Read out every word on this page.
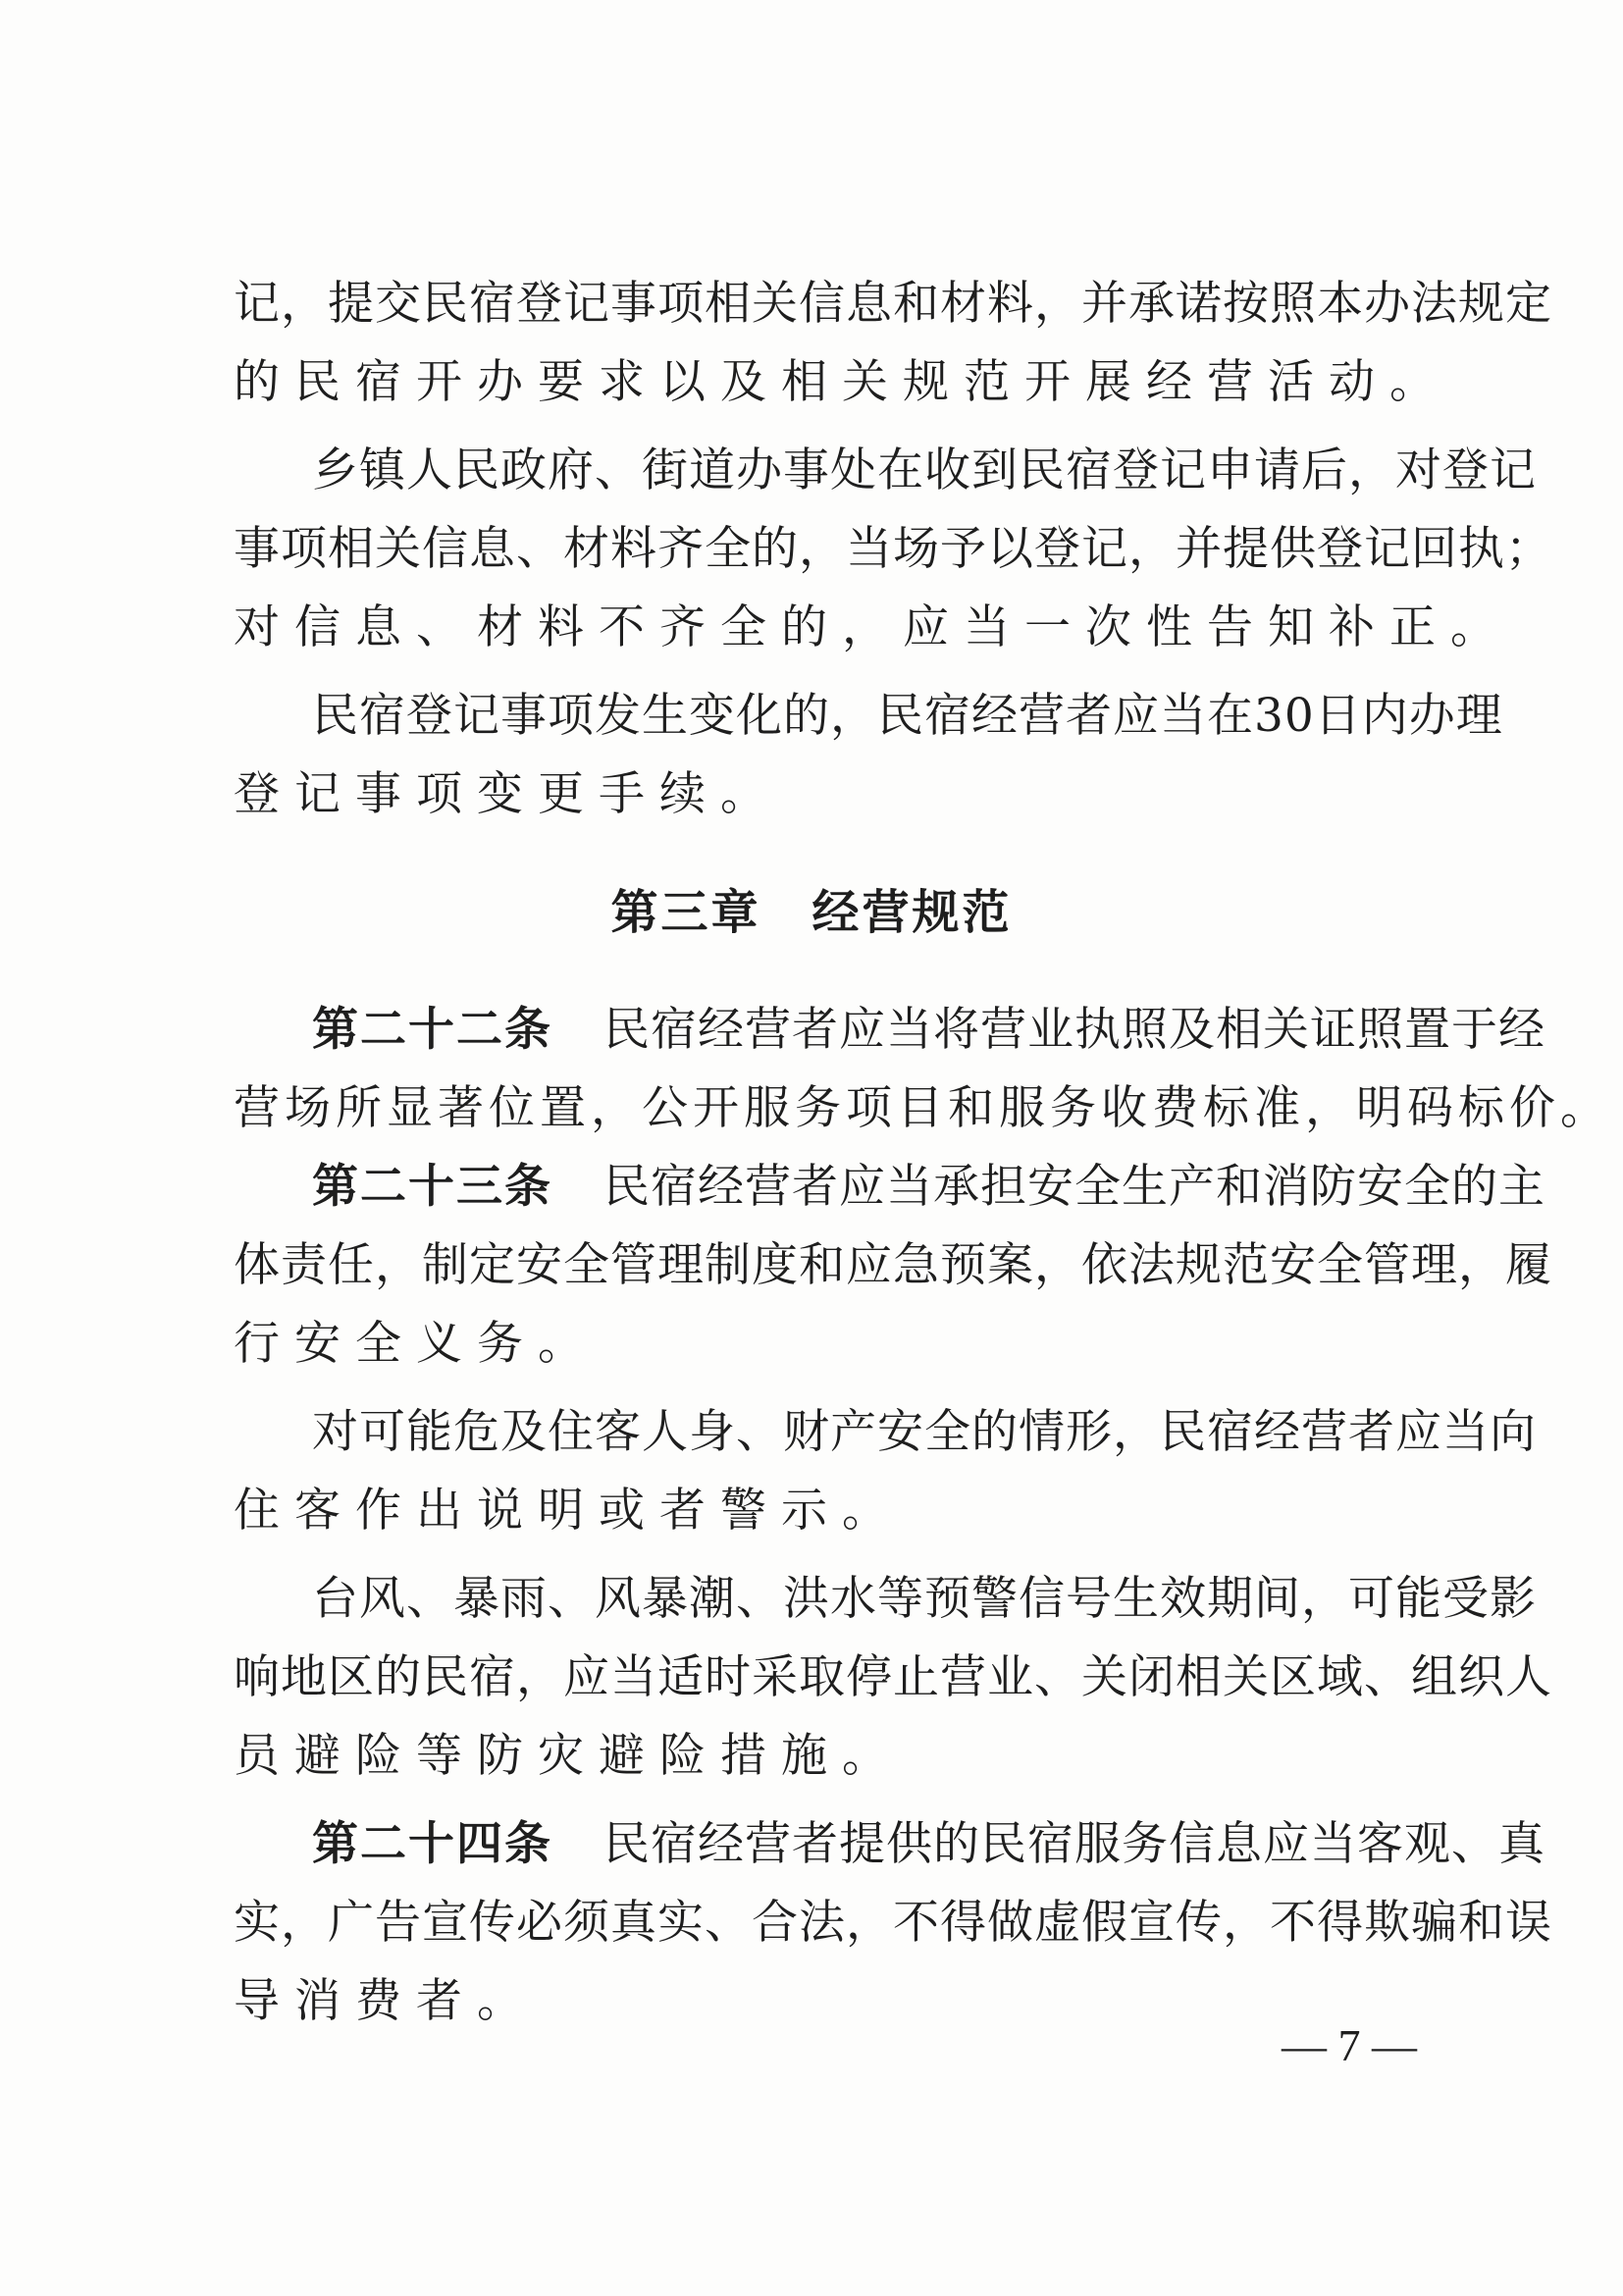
记，提交民宿登记事项相关信息和材料，并承诺按照本办法规定
的民宿开办要求以及相关规范开展经营活动。
乡镇人民政府、街道办事处在收到民宿登记申请后，对登记
事项相关信息、材料齐全的，当场予以登记，并提供登记回执；
对信息、材料不齐全的，应当一次性告知补正。
民宿登记事项发生变化的，民宿经营者应当在30日内办理
登记事项变更手续。
第三章 经营规范
第二十二条 民宿经营者应当将营业执照及相关证照置于经
营场所显著位置，公开服务项目和服务收费标准，明码标价。
第二十三条 民宿经营者应当承担安全生产和消防安全的主
体责任，制定安全管理制度和应急预案，依法规范安全管理，履
行安全义务。
对可能危及住客人身、财产安全的情形，民宿经营者应当向
住客作出说明或者警示。
台风、暴雨、风暴潮、洪水等预警信号生效期间，可能受影
响地区的民宿，应当适时采取停止营业、关闭相关区域、组织人
员避险等防灾避险措施。
第二十四条 民宿经营者提供的民宿服务信息应当客观、真
实，广告宣传必须真实、合法，不得做虚假宣传，不得欺骗和误
导消费者。
— 7 —
